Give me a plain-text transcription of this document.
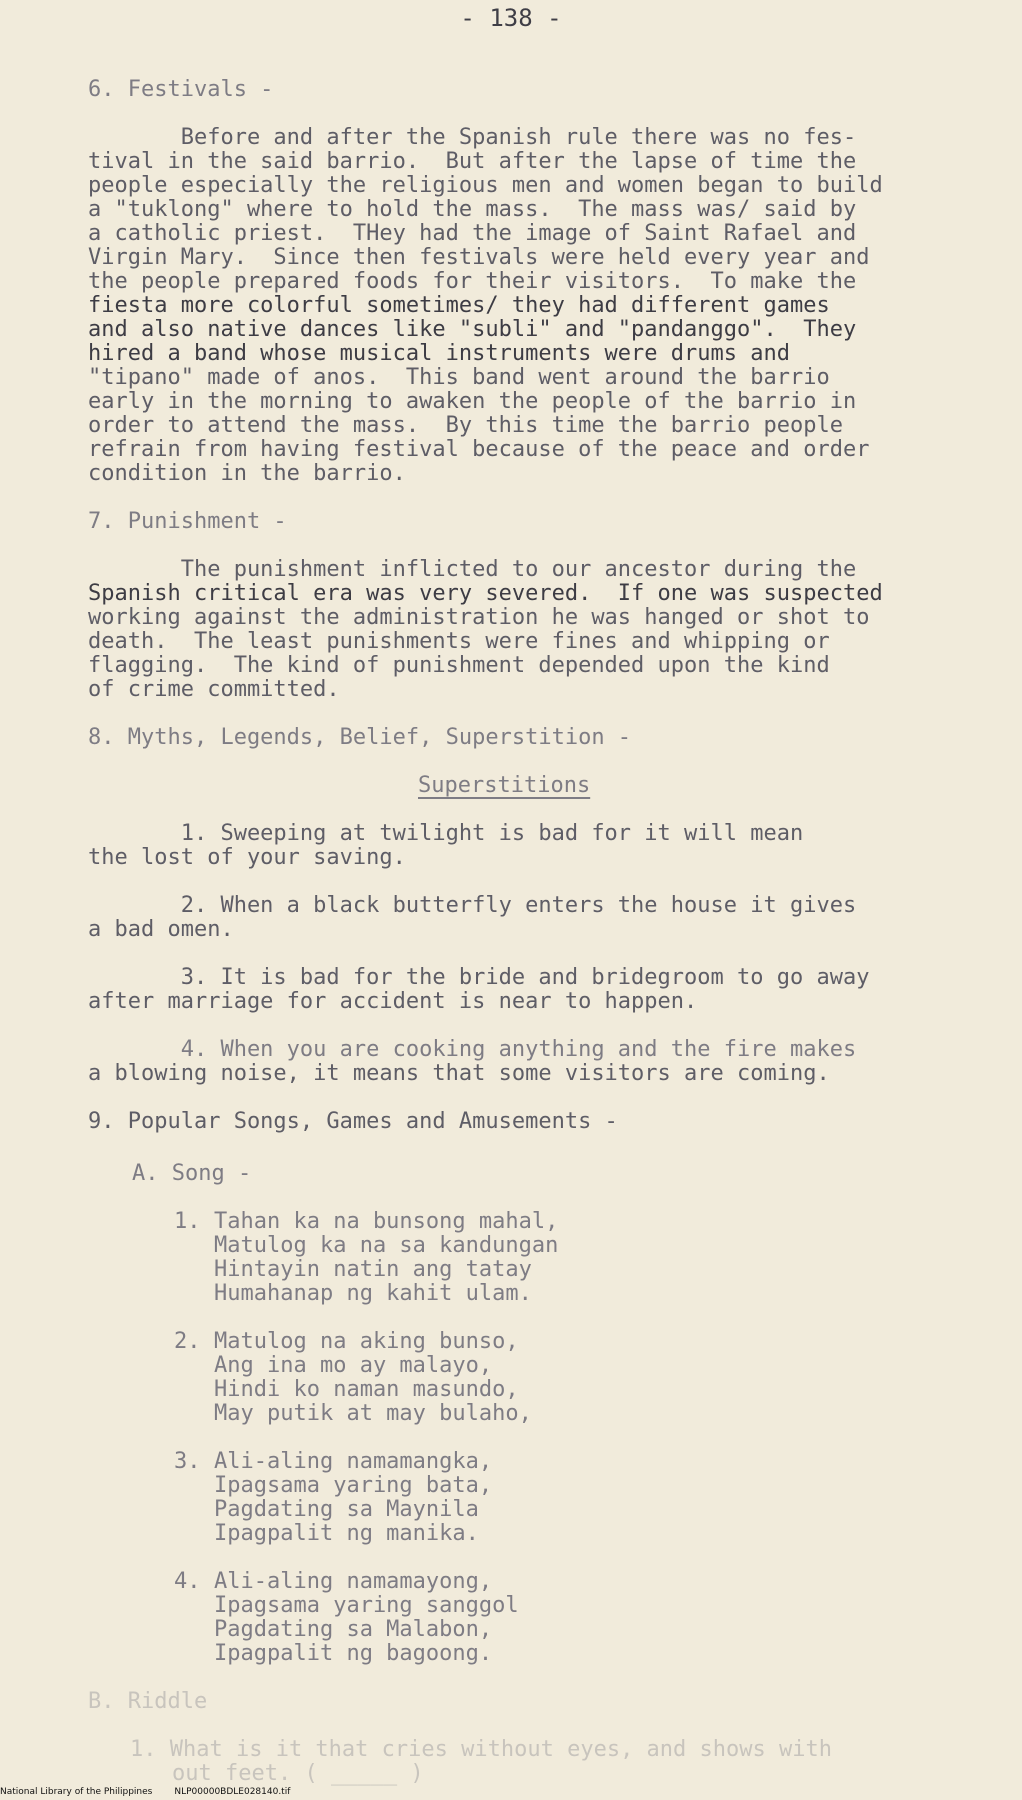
- 138 -
6. Festivals -
Before and after the Spanish rule there was no fes-
tival in the said barrio.  But after the lapse of time the
people especially the religious men and women began to build
a "tuklong" where to hold the mass.  The mass was/ said by
a catholic priest.  THey had the image of Saint Rafael and
Virgin Mary.  Since then festivals were held every year and
the people prepared foods for their visitors.  To make the
fiesta more colorful sometimes/ they had different games
and also native dances like "subli" and "pandanggo".  They
hired a band whose musical instruments were drums and
"tipano" made of anos.  This band went around the barrio
early in the morning to awaken the people of the barrio in
order to attend the mass.  By this time the barrio people
refrain from having festival because of the peace and order
condition in the barrio.
7. Punishment -
The punishment inflicted to our ancestor during the
Spanish critical era was very severed.  If one was suspected
working against the administration he was hanged or shot to
death.  The least punishments were fines and whipping or
flagging.  The kind of punishment depended upon the kind
of crime committed.
8. Myths, Legends, Belief, Superstition -
Superstitions
1. Sweeping at twilight is bad for it will mean
the lost of your saving.
2. When a black butterfly enters the house it gives
a bad omen.
3. It is bad for the bride and bridegroom to go away
after marriage for accident is near to happen.
4. When you are cooking anything and the fire makes
a blowing noise, it means that some visitors are coming.
9. Popular Songs, Games and Amusements -
A. Song -
1. Tahan ka na bunsong mahal,
Matulog ka na sa kandungan
Hintayin natin ang tatay
Humahanap ng kahit ulam.
2. Matulog na aking bunso,
Ang ina mo ay malayo,
Hindi ko naman masundo,
May putik at may bulaho,
3. Ali-aling namamangka,
Ipagsama yaring bata,
Pagdating sa Maynila
Ipagpalit ng manika.
4. Ali-aling namamayong,
Ipagsama yaring sanggol
Pagdating sa Malabon,
Ipagpalit ng bagoong.
B. Riddle
1. What is it that cries without eyes, and shows with
out feet. ( _____ )
National Library of the Philippines NLP00000BDLE028140.tif
